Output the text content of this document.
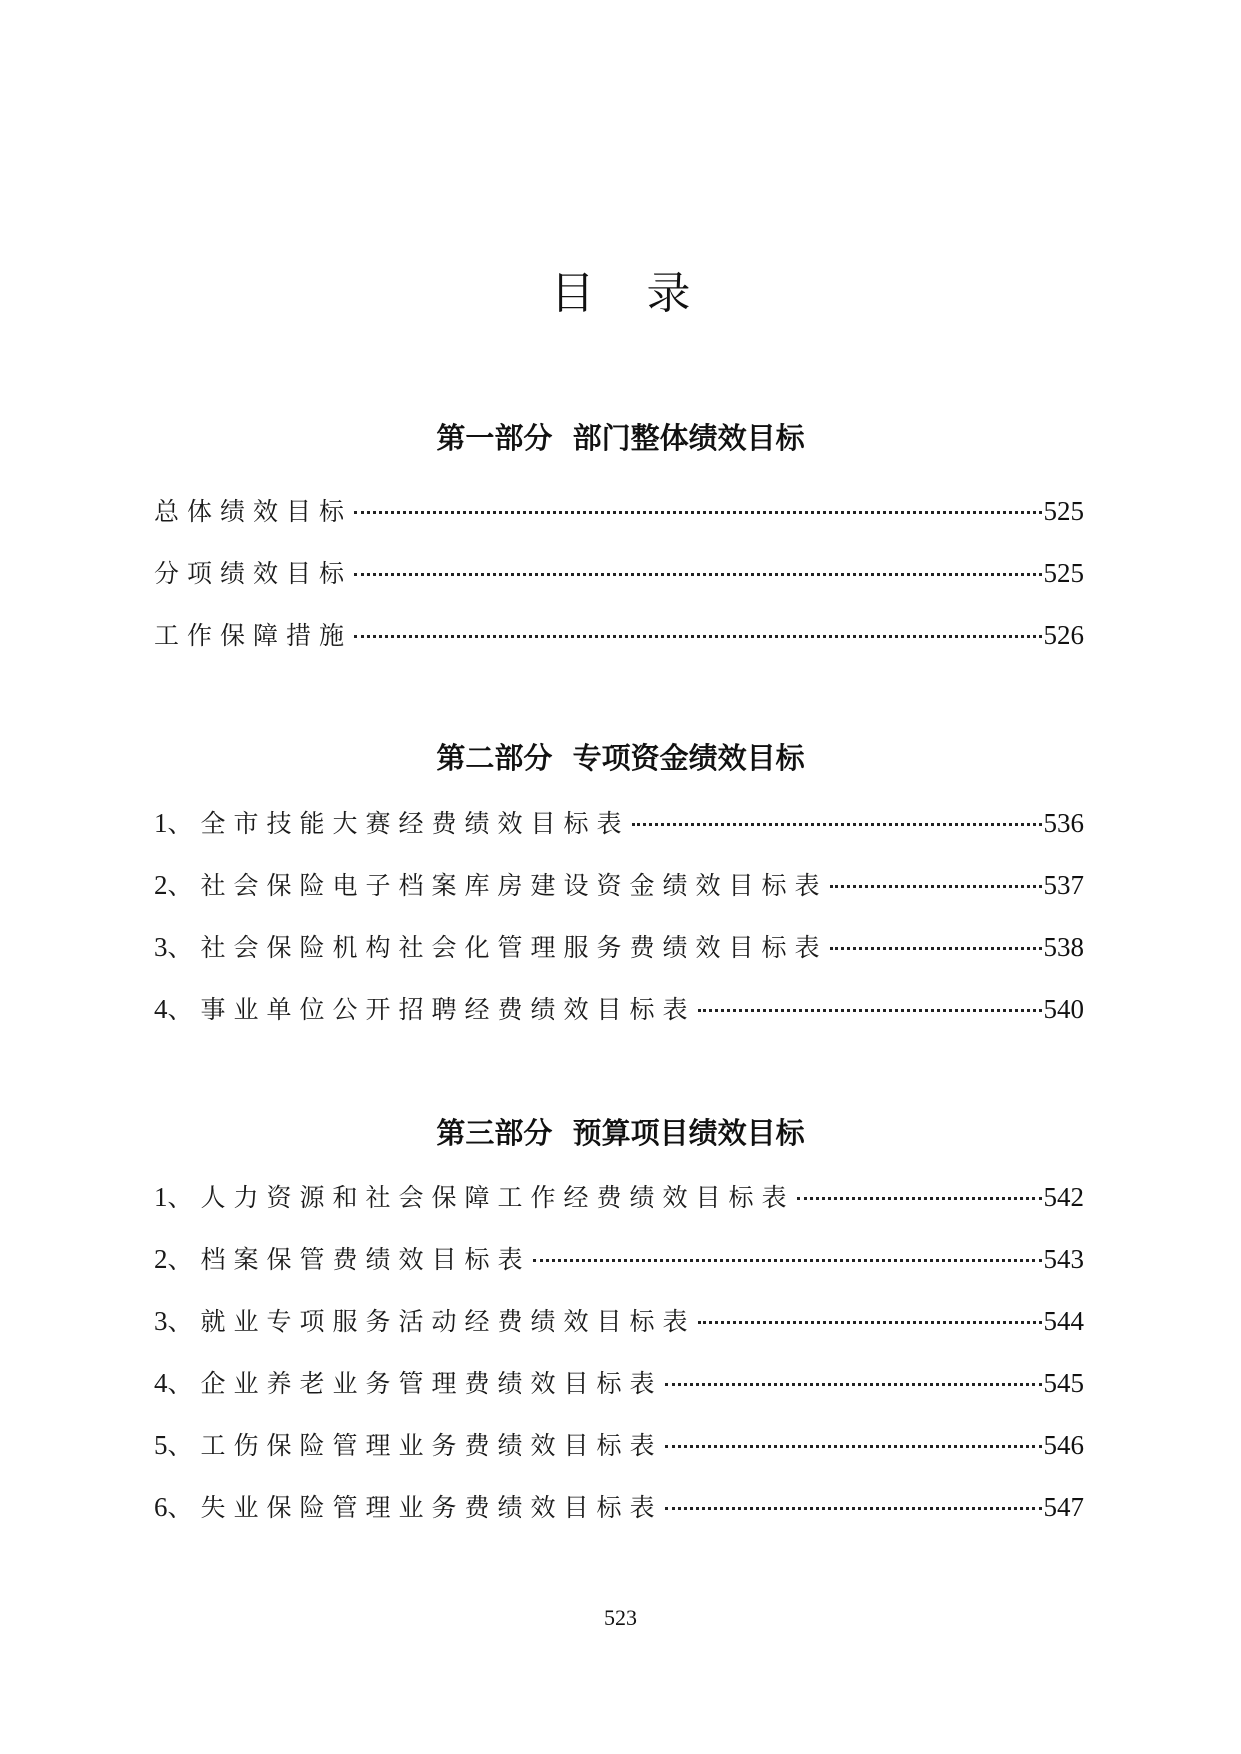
目 录
第一部分  部门整体绩效目标
总体绩效目标	525
分项绩效目标	525
工作保障措施	526
第二部分  专项资金绩效目标
1、全市技能大赛经费绩效目标表	536
2、社会保险电子档案库房建设资金绩效目标表	537
3、社会保险机构社会化管理服务费绩效目标表	538
4、事业单位公开招聘经费绩效目标表	540
第三部分  预算项目绩效目标
1、人力资源和社会保障工作经费绩效目标表	542
2、档案保管费绩效目标表	543
3、就业专项服务活动经费绩效目标表	544
4、企业养老业务管理费绩效目标表	545
5、工伤保险管理业务费绩效目标表	546
6、失业保险管理业务费绩效目标表	547
523
